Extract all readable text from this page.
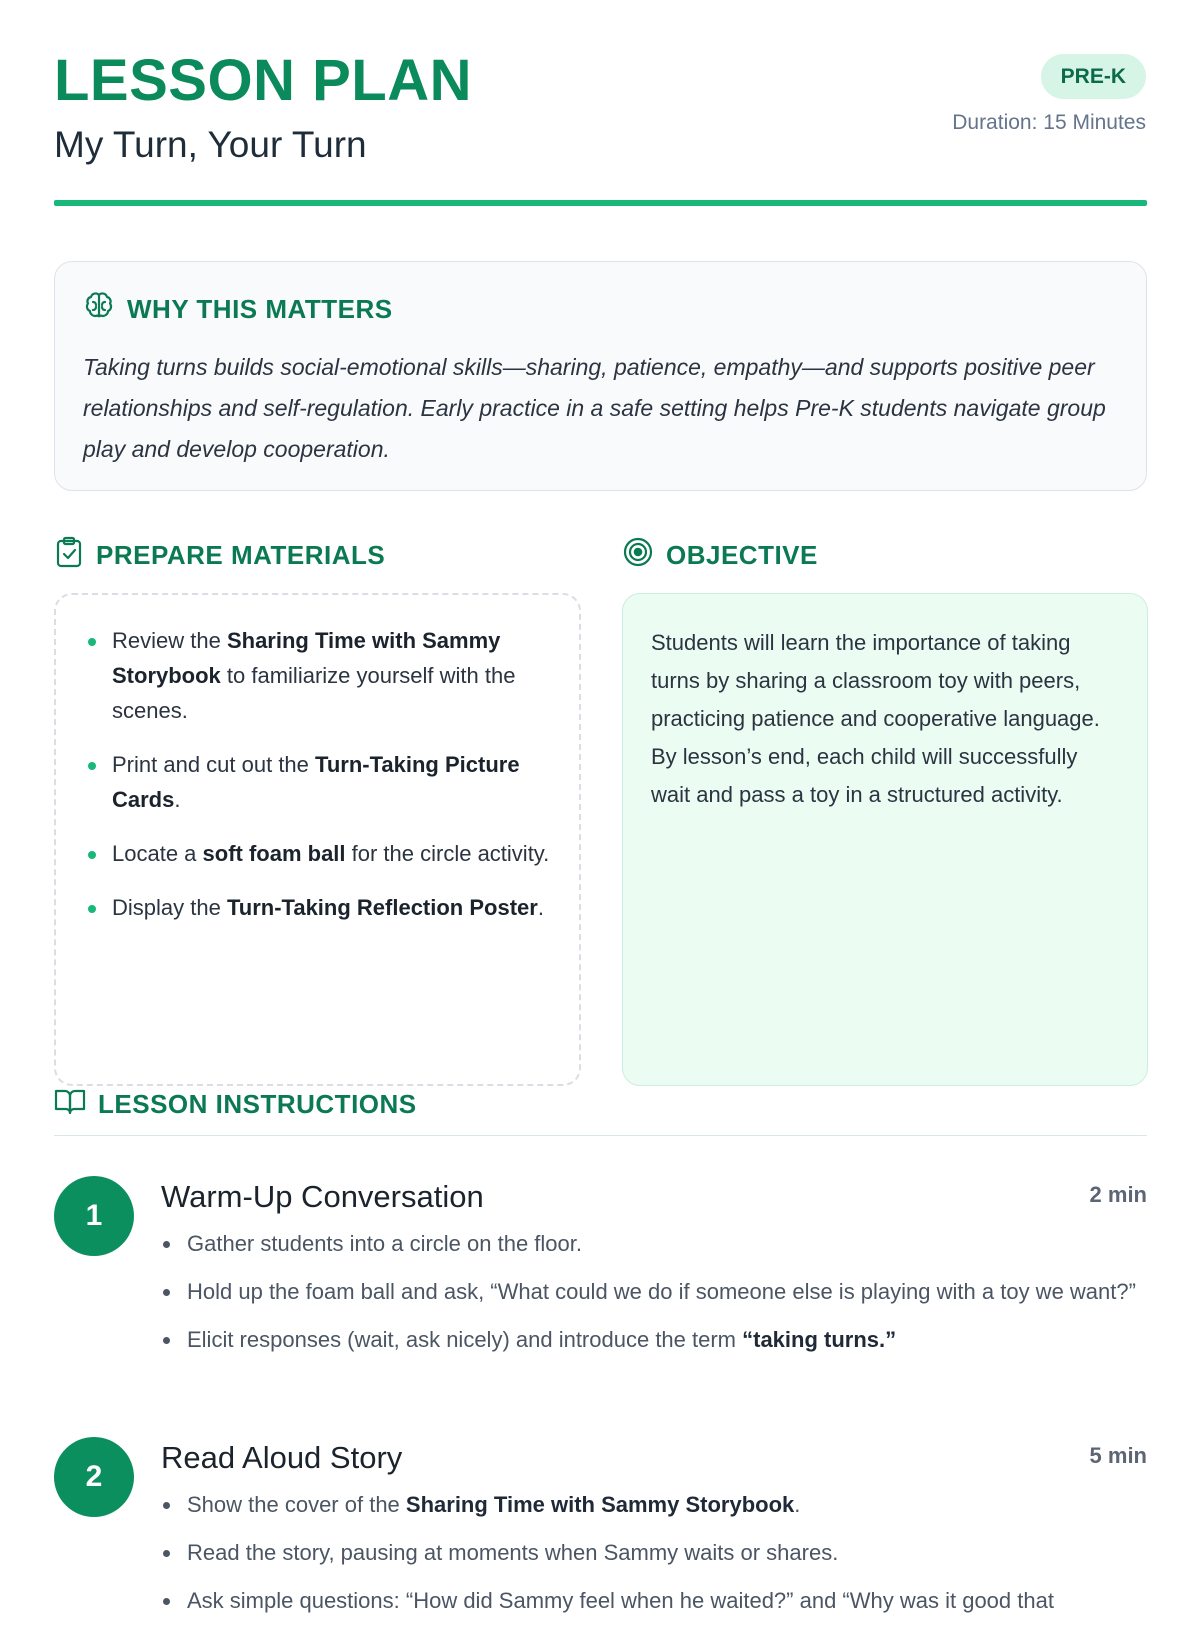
LESSON PLAN
My Turn, Your Turn
PRE-K
Duration: 15 Minutes
WHY THIS MATTERS

Taking turns builds social-emotional skills—sharing, patience, empathy—and supports positive peer relationships and self-regulation. Early practice in a safe setting helps Pre-K students navigate group play and develop cooperation.

PREPARE MATERIALS
Review the Sharing Time with Sammy Storybook to familiarize yourself with the scenes.
Print and cut out the Turn-Taking Picture Cards.
Locate a soft foam ball for the circle activity.
Display the Turn-Taking Reflection Poster.
OBJECTIVE

Students will learn the importance of taking turns by sharing a classroom toy with peers, practicing patience and cooperative language. By lesson’s end, each child will successfully wait and pass a toy in a structured activity.

LESSON INSTRUCTIONS
1
Warm-Up Conversation	2 min
Gather students into a circle on the floor.
Hold up the foam ball and ask, “What could we do if someone else is playing with a toy we want?”
Elicit responses (wait, ask nicely) and introduce the term “taking turns.”
2
Read Aloud Story	5 min
Show the cover of the Sharing Time with Sammy Storybook.
Read the story, pausing at moments when Sammy waits or shares.
Ask simple questions: “How did Sammy feel when he waited?” and “Why was it good that
